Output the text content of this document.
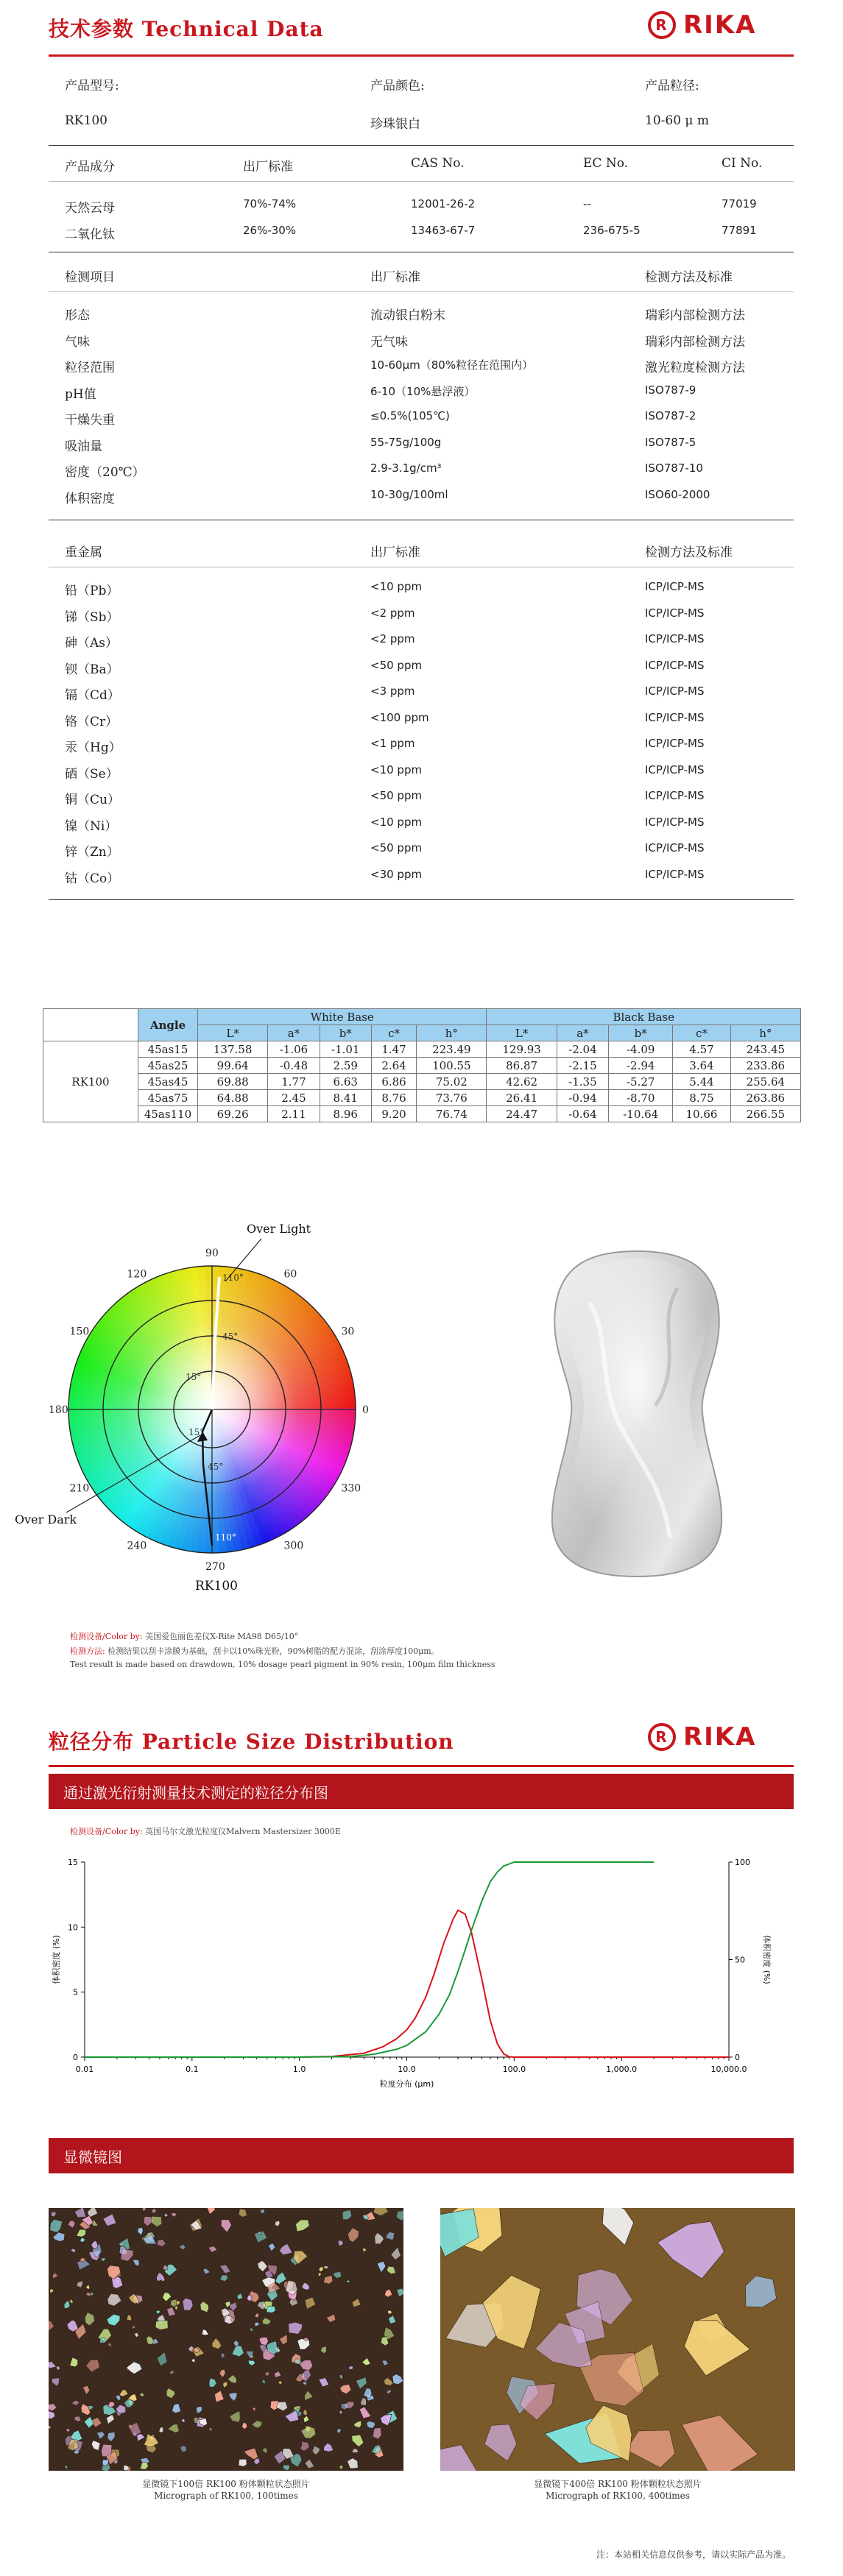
技术参数 Technical Data	R RIKA
产品型号:	产品颜色:	产品粒径:
RK100	珍珠银白	10-60 μ m
产品成分	出厂标准	CAS No.	EC No.	CI No.
天然云母	70%-74%	12001-26-2	--	77019
二氧化钛	26%-30%	13463-67-7	236-675-5	77891
检测项目	出厂标准	检测方法及标准
形态	流动银白粉末	瑞彩内部检测方法
气味	无气味	瑞彩内部检测方法
粒径范围	10-60μm（80%粒径在范围内）	激光粒度检测方法
pH值	6-10（10%悬浮液）	ISO787-9
干燥失重	≤0.5%(105℃)	ISO787-2
吸油量	55-75g/100g	ISO787-5
密度（20℃）	2.9-3.1g/cm³	ISO787-10
体积密度	10-30g/100ml	ISO60-2000
重金属	出厂标准	检测方法及标准
铅（Pb）	<10 ppm	ICP/ICP-MS
锑（Sb）	<2 ppm	ICP/ICP-MS
砷（As）	<2 ppm	ICP/ICP-MS
钡（Ba）	<50 ppm	ICP/ICP-MS
镉（Cd）	<3 ppm	ICP/ICP-MS
铬（Cr）	<100 ppm	ICP/ICP-MS
汞（Hg）	<1 ppm	ICP/ICP-MS
硒（Se）	<10 ppm	ICP/ICP-MS
铜（Cu）	<50 ppm	ICP/ICP-MS
镍（Ni）	<10 ppm	ICP/ICP-MS
锌（Zn）	<50 ppm	ICP/ICP-MS
钴（Co）	<30 ppm	ICP/ICP-MS
	Angle	White Base					Black Base				
		L*	a*	b*	c*	h°	L*	a*	b*	c*	h°
RK100	45as15	137.58	-1.06	-1.01	1.47	223.49	129.93	-2.04	-4.09	4.57	243.45
	45as25	99.64	-0.48	2.59	2.64	100.55	86.87	-2.15	-2.94	3.64	233.86
	45as45	69.88	1.77	6.63	6.86	75.02	42.62	-1.35	-5.27	5.44	255.64
	45as75	64.88	2.45	8.41	8.76	73.76	26.41	-0.94	-8.70	8.75	263.86
	45as110	69.26	2.11	8.96	9.20	76.74	24.47	-0.64	-10.64	10.66	266.55
90
60
30
0
330
300
270
240
210
180
150
120
Over Light
110°
45°
15°
Over Dark
15°
45°
110°
RK100
检测设备/Color by: 美国爱色丽色差仪X-Rite MA98 D65/10°
检测方法: 检测结果以刮卡涂膜为基础，刮卡以10%珠光粉，90%树脂的配方混涂，刮涂厚度100μm。
Test result is made based on drawdown, 10% dosage pearl pigment in 90% resin, 100μm film thickness
粒径分布 Particle Size Distribution	R RIKA
通过激光衍射测量技术测定的粒径分布图
检测设备/Color by: 英国马尔文激光粒度仪Malvern Mastersizer 3000E
0.01	0.1	1.0	10.0	100.0	1,000.0	10,000.0
0
5
10
15
0
50
100
粒度分布 (μm)
体积密度 (%)	体积密度 (%)
显微镜图
显微镜下100倍 RK100 粉体颗粒状态照片
Micrograph of RK100, 100times
显微镜下400倍 RK100 粉体颗粒状态照片
Micrograph of RK100, 400times
注：本站相关信息仅供参考，请以实际产品为准。
